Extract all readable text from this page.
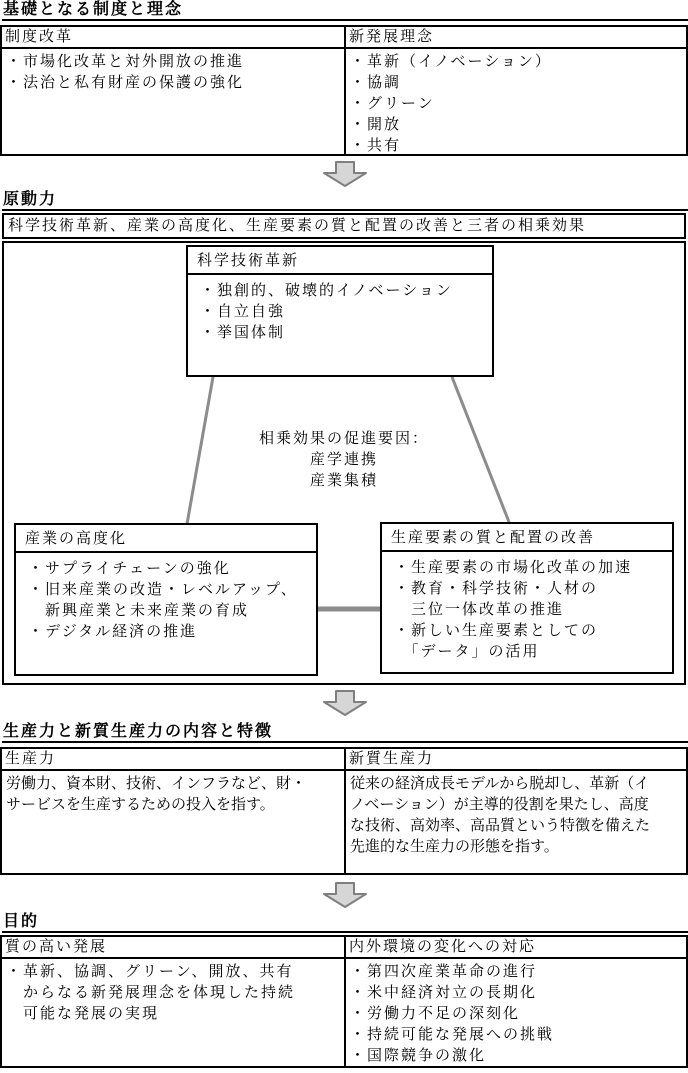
基礎となる制度と理念
制度改革
・市場化改革と対外開放の推進
・法治と私有財産の保護の強化
新発展理念
・革新（イノベーション）
・協調
・グリーン
・開放
・共有
原動力
科学技術革新、産業の高度化、生産要素の質と配置の改善と三者の相乗効果
科学技術革新
・独創的、破壊的イノベーション
・自立自強
・挙国体制
相乗効果の促進要因：
産学連携
産業集積
産業の高度化
・サプライチェーンの強化
・旧来産業の改造・レベルアップ、
　新興産業と未来産業の育成
・デジタル経済の推進
生産要素の質と配置の改善
・生産要素の市場化改革の加速
・教育・科学技術・人材の
　三位一体改革の推進
・新しい生産要素としての
　「データ」の活用
生産力と新質生産力の内容と特徴
生産力
労働力、資本財、技術、インフラなど、財・
サービスを生産するための投入を指す。
新質生産力
従来の経済成長モデルから脱却し、革新（イ
ノベーション）が主導的役割を果たし、高度
な技術、高効率、高品質という特徴を備えた
先進的な生産力の形態を指す。
目的
質の高い発展
・革新、協調、グリーン、開放、共有
　からなる新発展理念を体現した持続
　可能な発展の実現
内外環境の変化への対応
・第四次産業革命の進行
・米中経済対立の長期化
・労働力不足の深刻化
・持続可能な発展への挑戦
・国際競争の激化
